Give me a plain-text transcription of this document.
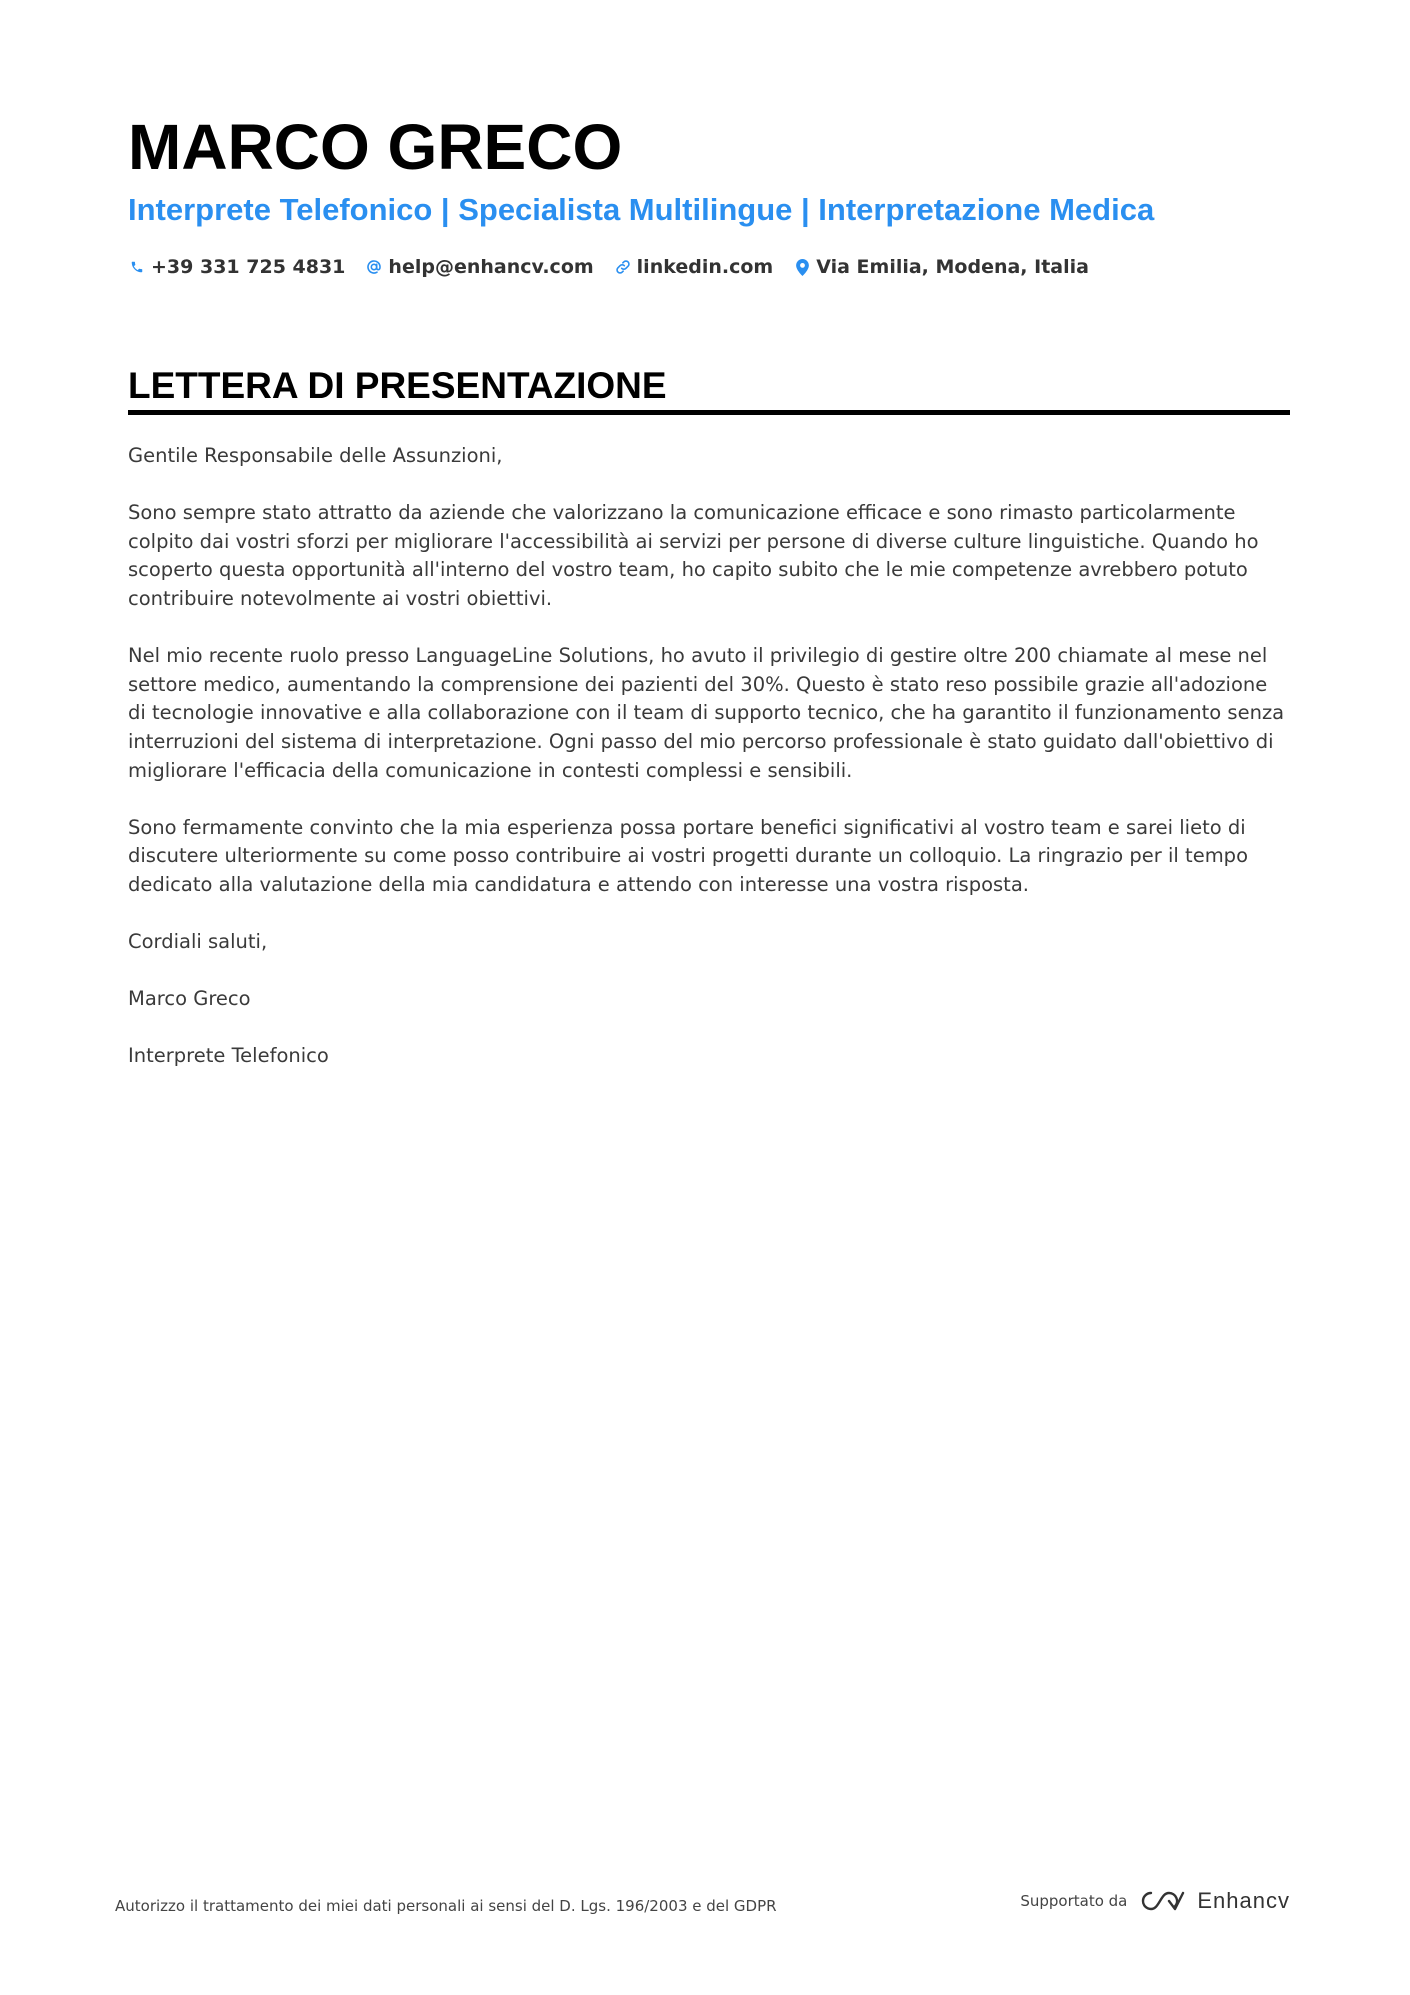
MARCO GRECO
Interprete Telefonico | Specialista Multilingue | Interpretazione Medica
+39 331 725 4831 help@enhancv.com linkedin.com Via Emilia, Modena, Italia
LETTERA DI PRESENTAZIONE

Gentile Responsabile delle Assunzioni,

Sono sempre stato attratto da aziende che valorizzano la comunicazione efficace e sono rimasto particolarmente colpito dai vostri sforzi per migliorare l'accessibilità ai servizi per persone di diverse culture linguistiche. Quando ho scoperto questa opportunità all'interno del vostro team, ho capito subito che le mie competenze avrebbero potuto contribuire notevolmente ai vostri obiettivi.

Nel mio recente ruolo presso LanguageLine Solutions, ho avuto il privilegio di gestire oltre 200 chiamate al mese nel settore medico, aumentando la comprensione dei pazienti del 30%. Questo è stato reso possibile grazie all'adozione di tecnologie innovative e alla collaborazione con il team di supporto tecnico, che ha garantito il funzionamento senza interruzioni del sistema di interpretazione. Ogni passo del mio percorso professionale è stato guidato dall'obiettivo di migliorare l'efficacia della comunicazione in contesti complessi e sensibili.

Sono fermamente convinto che la mia esperienza possa portare benefici significativi al vostro team e sarei lieto di discutere ulteriormente su come posso contribuire ai vostri progetti durante un colloquio. La ringrazio per il tempo dedicato alla valutazione della mia candidatura e attendo con interesse una vostra risposta.

Cordiali saluti,

Marco Greco

Interprete Telefonico

Autorizzo il trattamento dei miei dati personali ai sensi del D. Lgs. 196/2003 e del GDPR	Supportato da	Enhancv
